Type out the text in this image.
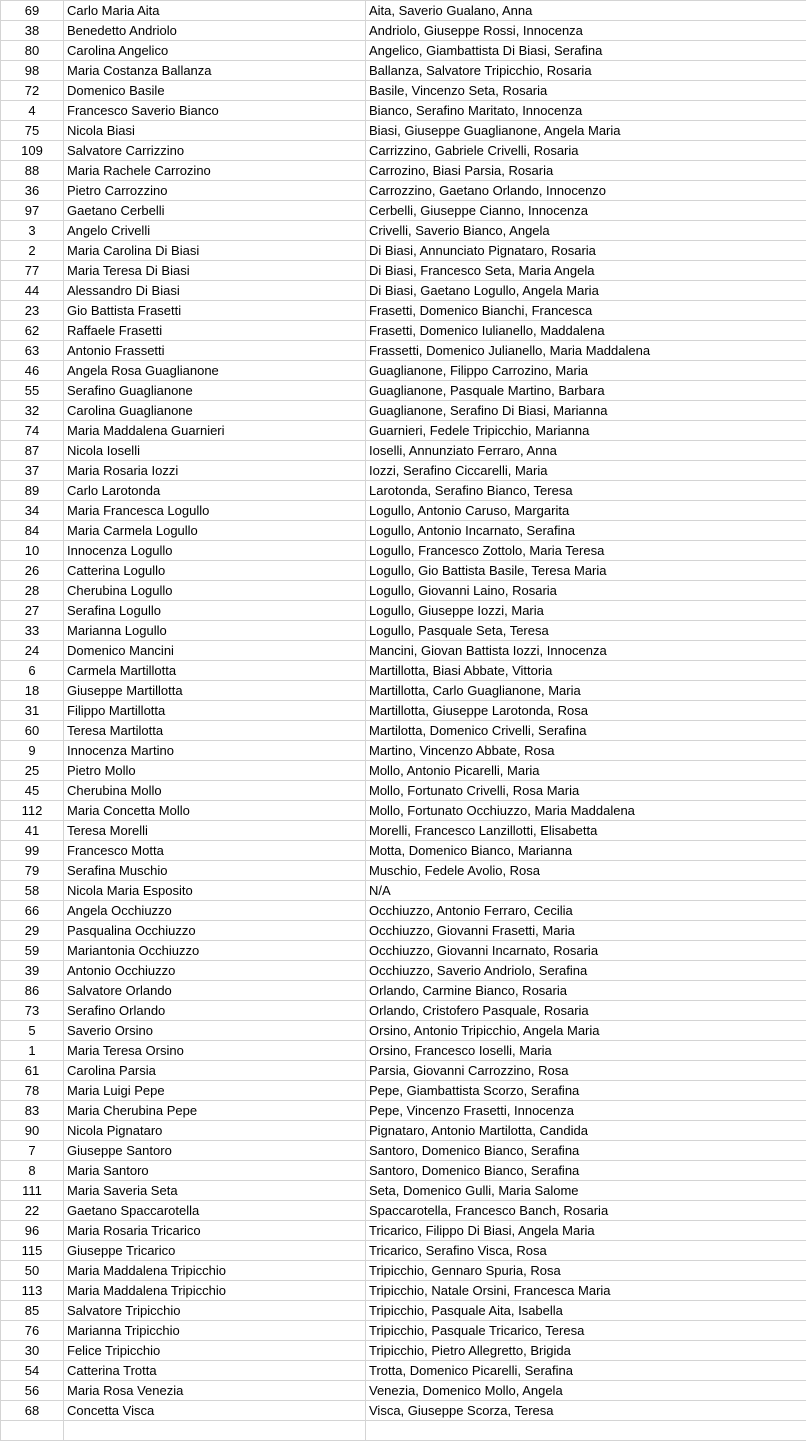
69	Carlo Maria Aita	Aita, Saverio Gualano, Anna
38	Benedetto Andriolo	Andriolo, Giuseppe Rossi, Innocenza
80	Carolina Angelico	Angelico, Giambattista Di Biasi, Serafina
98	Maria Costanza Ballanza	Ballanza, Salvatore Tripicchio, Rosaria
72	Domenico Basile	Basile, Vincenzo Seta, Rosaria
4	Francesco Saverio Bianco	Bianco, Serafino Maritato, Innocenza
75	Nicola Biasi	Biasi, Giuseppe Guaglianone, Angela Maria
109	Salvatore Carrizzino	Carrizzino, Gabriele Crivelli, Rosaria
88	Maria Rachele Carrozino	Carrozino, Biasi Parsia, Rosaria
36	Pietro Carrozzino	Carrozzino, Gaetano Orlando, Innocenzo
97	Gaetano Cerbelli	Cerbelli, Giuseppe Cianno, Innocenza
3	Angelo Crivelli	Crivelli, Saverio Bianco, Angela
2	Maria Carolina Di Biasi	Di Biasi, Annunciato Pignataro, Rosaria
77	Maria Teresa Di Biasi	Di Biasi, Francesco Seta, Maria Angela
44	Alessandro Di Biasi	Di Biasi, Gaetano Logullo, Angela Maria
23	Gio Battista Frasetti	Frasetti, Domenico Bianchi, Francesca
62	Raffaele Frasetti	Frasetti, Domenico Iulianello, Maddalena
63	Antonio Frassetti	Frassetti, Domenico Julianello, Maria Maddalena
46	Angela Rosa Guaglianone	Guaglianone, Filippo Carrozino, Maria
55	Serafino Guaglianone	Guaglianone, Pasquale Martino, Barbara
32	Carolina Guaglianone	Guaglianone, Serafino Di Biasi, Marianna
74	Maria Maddalena Guarnieri	Guarnieri, Fedele Tripicchio, Marianna
87	Nicola Ioselli	Ioselli, Annunziato Ferraro, Anna
37	Maria Rosaria Iozzi	Iozzi, Serafino Ciccarelli, Maria
89	Carlo Larotonda	Larotonda, Serafino Bianco, Teresa
34	Maria Francesca Logullo	Logullo, Antonio Caruso, Margarita
84	Maria Carmela Logullo	Logullo, Antonio Incarnato, Serafina
10	Innocenza Logullo	Logullo, Francesco Zottolo, Maria Teresa
26	Catterina Logullo	Logullo, Gio Battista Basile, Teresa Maria
28	Cherubina Logullo	Logullo, Giovanni Laino, Rosaria
27	Serafina Logullo	Logullo, Giuseppe Iozzi, Maria
33	Marianna Logullo	Logullo, Pasquale Seta, Teresa
24	Domenico Mancini	Mancini, Giovan Battista Iozzi, Innocenza
6	Carmela Martillotta	Martillotta, Biasi Abbate, Vittoria
18	Giuseppe Martillotta	Martillotta, Carlo Guaglianone, Maria
31	Filippo Martillotta	Martillotta, Giuseppe Larotonda, Rosa
60	Teresa Martilotta	Martilotta, Domenico Crivelli, Serafina
9	Innocenza Martino	Martino, Vincenzo Abbate, Rosa
25	Pietro Mollo	Mollo, Antonio Picarelli, Maria
45	Cherubina Mollo	Mollo, Fortunato Crivelli, Rosa Maria
112	Maria Concetta Mollo	Mollo, Fortunato Occhiuzzo, Maria Maddalena
41	Teresa Morelli	Morelli, Francesco Lanzillotti, Elisabetta
99	Francesco Motta	Motta, Domenico Bianco, Marianna
79	Serafina Muschio	Muschio, Fedele Avolio, Rosa
58	Nicola Maria Esposito	N/A
66	Angela Occhiuzzo	Occhiuzzo, Antonio Ferraro, Cecilia
29	Pasqualina Occhiuzzo	Occhiuzzo, Giovanni Frasetti, Maria
59	Mariantonia Occhiuzzo	Occhiuzzo, Giovanni Incarnato, Rosaria
39	Antonio Occhiuzzo	Occhiuzzo, Saverio Andriolo, Serafina
86	Salvatore Orlando	Orlando, Carmine Bianco, Rosaria
73	Serafino Orlando	Orlando, Cristofero Pasquale, Rosaria
5	Saverio Orsino	Orsino, Antonio Tripicchio, Angela Maria
1	Maria Teresa Orsino	Orsino, Francesco Ioselli, Maria
61	Carolina Parsia	Parsia, Giovanni Carrozzino, Rosa
78	Maria Luigi Pepe	Pepe, Giambattista Scorzo, Serafina
83	Maria Cherubina Pepe	Pepe, Vincenzo Frasetti, Innocenza
90	Nicola Pignataro	Pignataro, Antonio Martilotta, Candida
7	Giuseppe Santoro	Santoro, Domenico Bianco, Serafina
8	Maria Santoro	Santoro, Domenico Bianco, Serafina
111	Maria Saveria Seta	Seta, Domenico Gulli, Maria Salome
22	Gaetano Spaccarotella	Spaccarotella, Francesco Banch, Rosaria
96	Maria Rosaria Tricarico	Tricarico, Filippo Di Biasi, Angela Maria
115	Giuseppe Tricarico	Tricarico, Serafino Visca, Rosa
50	Maria Maddalena Tripicchio	Tripicchio, Gennaro Spuria, Rosa
113	Maria Maddalena Tripicchio	Tripicchio, Natale Orsini, Francesca Maria
85	Salvatore Tripicchio	Tripicchio, Pasquale Aita, Isabella
76	Marianna Tripicchio	Tripicchio, Pasquale Tricarico, Teresa
30	Felice Tripicchio	Tripicchio, Pietro Allegretto, Brigida
54	Catterina Trotta	Trotta, Domenico Picarelli, Serafina
56	Maria Rosa Venezia	Venezia, Domenico Mollo, Angela
68	Concetta Visca	Visca, Giuseppe Scorza, Teresa
